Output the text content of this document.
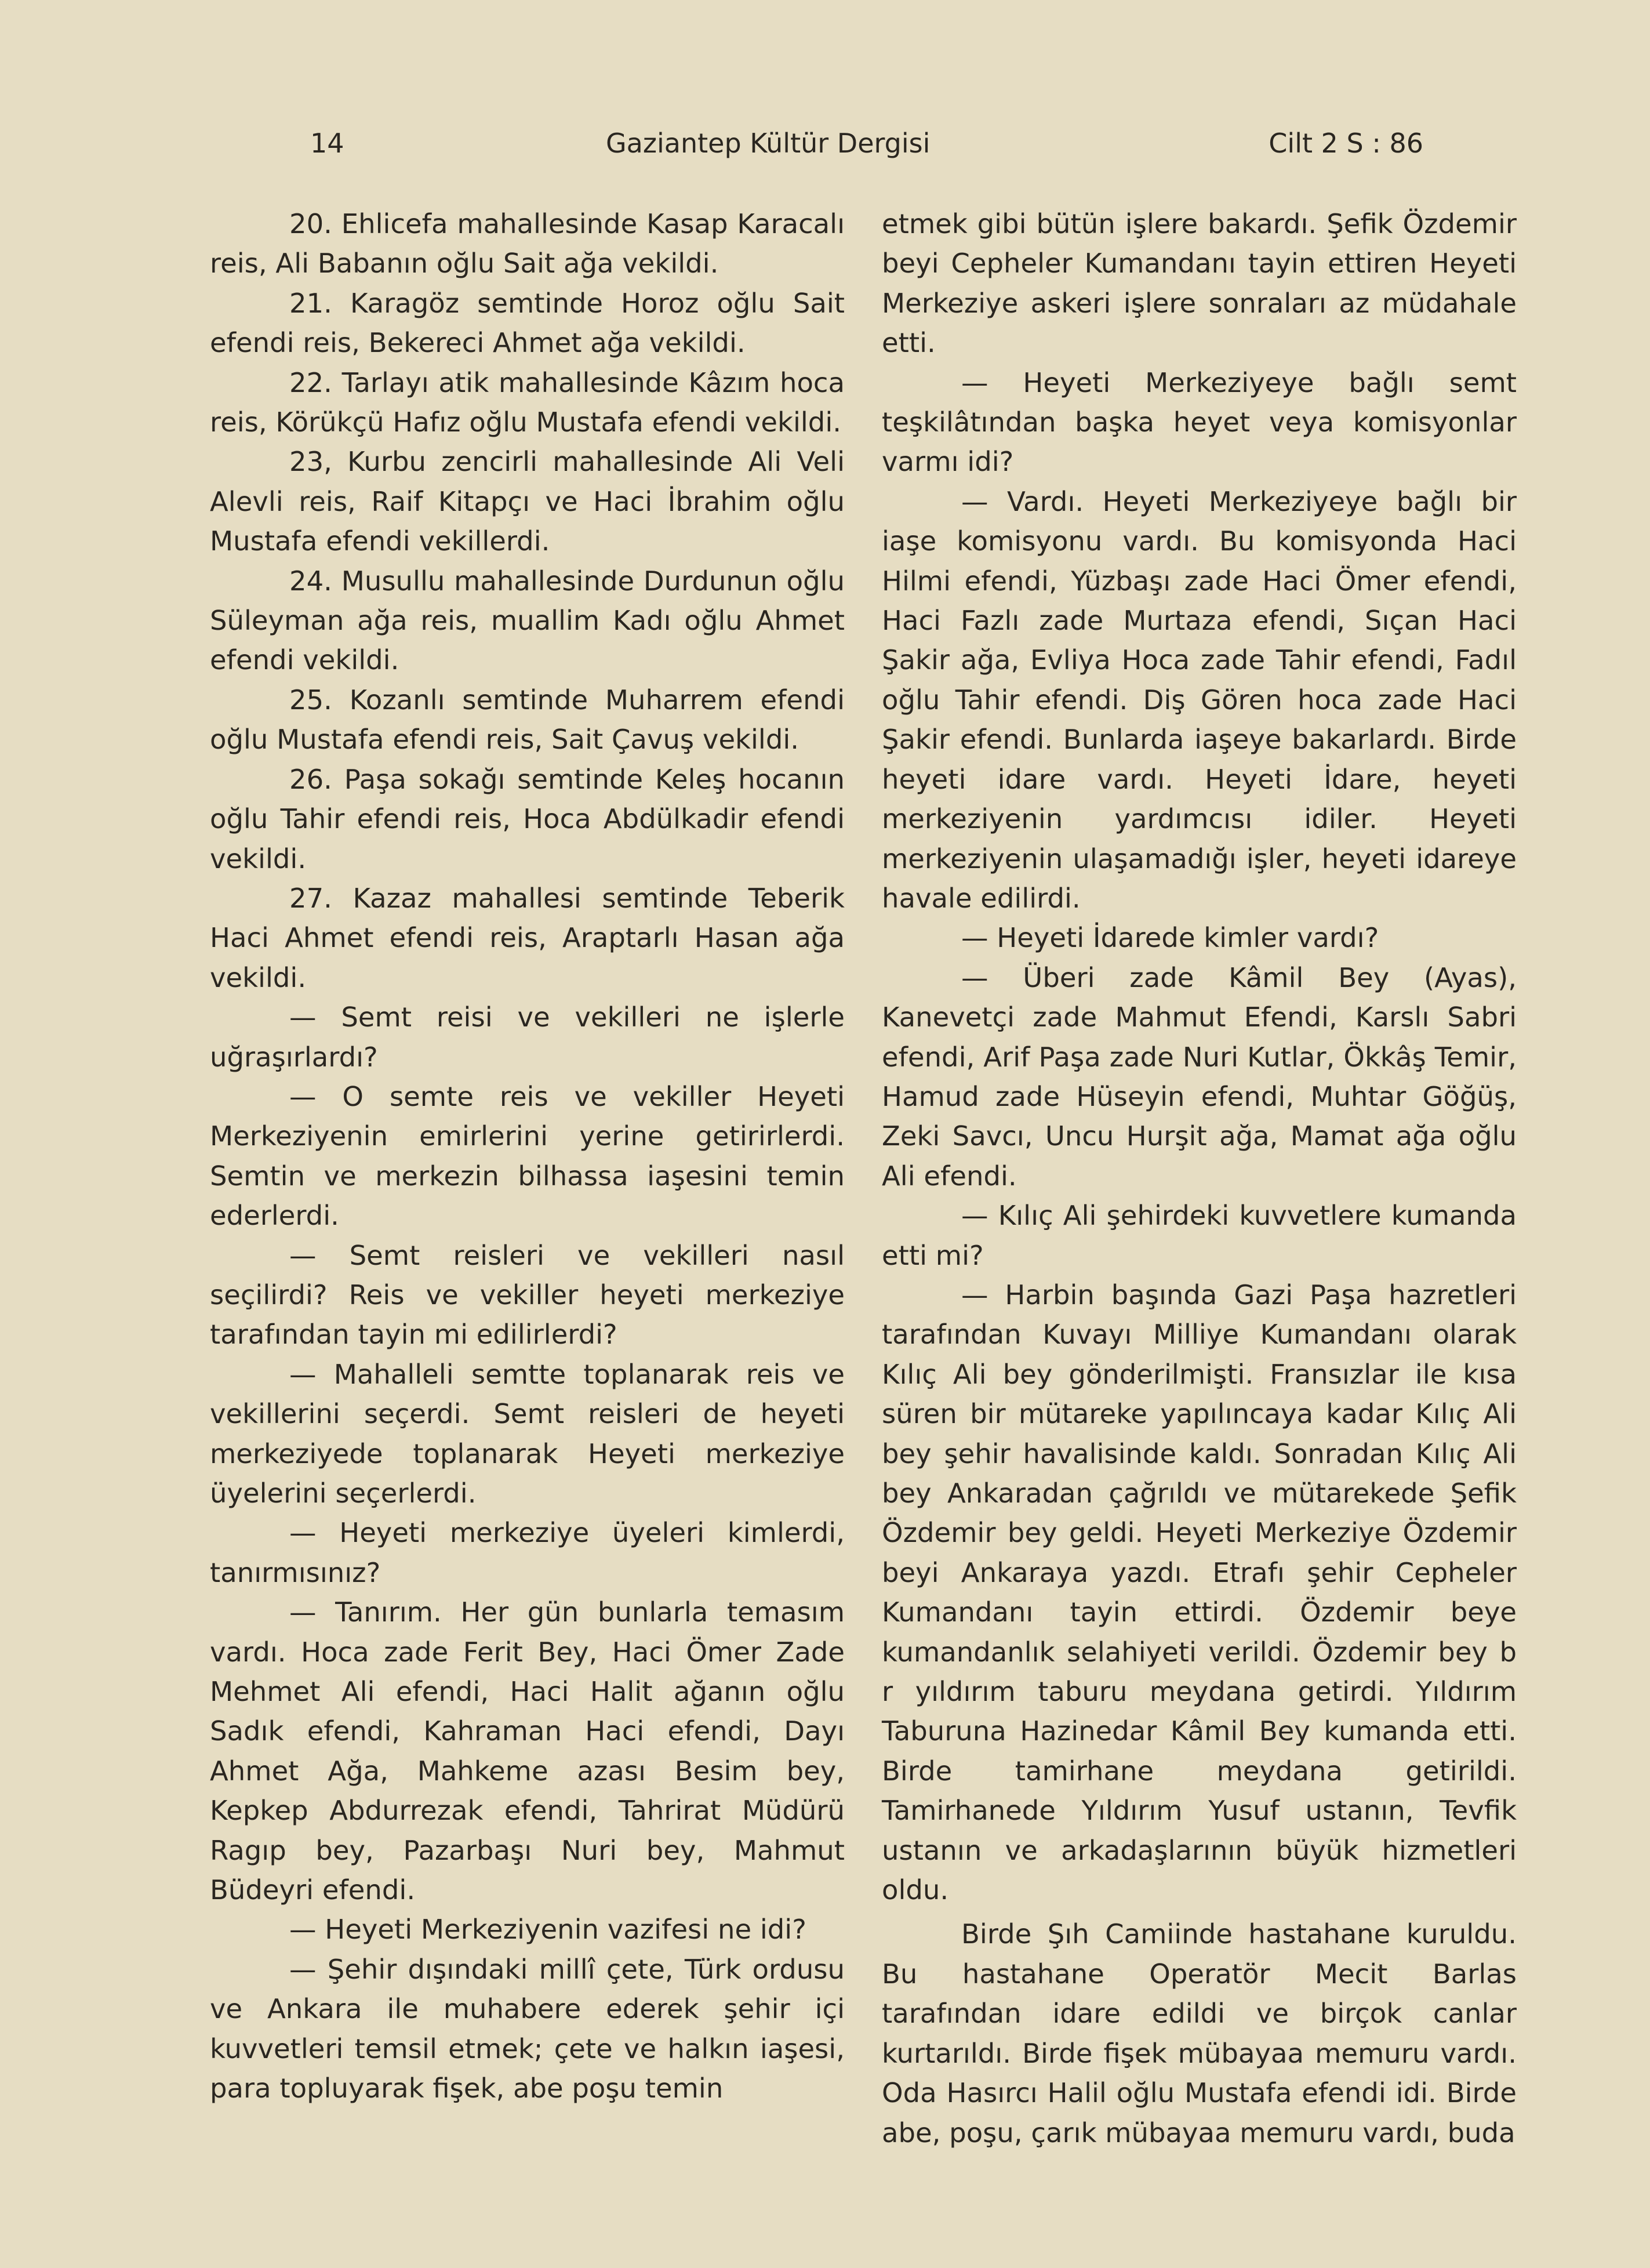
14	Gaziantep Kültür Dergisi	Cilt 2 S : 86

20. Ehlicefa mahallesinde Kasap Karacalı reis, Ali Babanın oğlu Sait ağa vekildi.

21. Karagöz semtinde Horoz oğlu Sait efendi reis, Bekereci Ahmet ağa vekildi.

22. Tarlayı atik mahallesinde Kâzım hoca reis, Körükçü Hafız oğlu Mustafa efendi vekildi.

23, Kurbu zencirli mahallesinde Ali Veli Alevli reis, Raif Kitapçı ve Haci İbrahim oğlu Mustafa efendi vekillerdi.

24. Musullu mahallesinde Durdunun oğlu Süleyman ağa reis, muallim Kadı oğlu Ahmet efendi vekildi.

25. Kozanlı semtinde Muharrem efendi oğlu Mustafa efendi reis, Sait Çavuş vekildi.

26. Paşa sokağı semtinde Keleş hocanın oğlu Tahir efendi reis, Hoca Abdülkadir efendi vekildi.

27. Kazaz mahallesi semtinde Teberik Haci Ahmet efendi reis, Araptarlı Hasan ağa vekildi.

— Semt reisi ve vekilleri ne işlerle uğraşırlardı?

— O semte reis ve vekiller Heyeti Merkeziyenin emirlerini yerine getirirlerdi. Semtin ve merkezin bilhassa iaşesini temin ederlerdi.

— Semt reisleri ve vekilleri nasıl seçilirdi? Reis ve vekiller heyeti merkeziye tarafından tayin mi edilirlerdi?

— Mahalleli semtte toplanarak reis ve vekillerini seçerdi. Semt reisleri de heyeti merkeziyede toplanarak Heyeti merkeziye üyelerini seçerlerdi.

— Heyeti merkeziye üyeleri kimlerdi, tanırmısınız?

— Tanırım. Her gün bunlarla temasım vardı. Hoca zade Ferit Bey, Haci Ömer Zade Mehmet Ali efendi, Haci Halit ağanın oğlu Sadık efendi, Kahraman Haci efendi, Dayı Ahmet Ağa, Mahkeme azası Besim bey, Kepkep Abdurrezak efendi, Tahrirat Müdürü Ragıp bey, Pazarbaşı Nuri bey, Mahmut Büdeyri efendi.

— Heyeti Merkeziyenin vazifesi ne idi?

— Şehir dışındaki millî çete, Türk ordusu ve Ankara ile muhabere ederek şehir içi kuvvetleri temsil etmek; çete ve halkın iaşesi, para topluyarak fişek, abe poşu temin

etmek gibi bütün işlere bakardı. Şefik Özdemir beyi Cepheler Kumandanı tayin ettiren Heyeti Merkeziye askeri işlere sonraları az müdahale etti.

— Heyeti Merkeziyeye bağlı semt teşkilâtından başka heyet veya komisyonlar varmı idi?

— Vardı. Heyeti Merkeziyeye bağlı bir iaşe komisyonu vardı. Bu komisyonda Haci Hilmi efendi, Yüzbaşı zade Haci Ömer efendi, Haci Fazlı zade Murtaza efendi, Sıçan Haci Şakir ağa, Evliya Hoca zade Tahir efendi, Fadıl oğlu Tahir efendi. Diş Gören hoca zade Haci Şakir efendi. Bunlarda iaşeye bakarlardı. Birde heyeti idare vardı. Heyeti İdare, heyeti merkeziyenin yardımcısı idiler. Heyeti merkeziyenin ulaşamadığı işler, heyeti idareye havale edilirdi.

— Heyeti İdarede kimler vardı?

— Überi zade Kâmil Bey (Ayas), Kanevetçi zade Mahmut Efendi, Karslı Sabri efendi, Arif Paşa zade Nuri Kutlar, Ökkâş Temir, Hamud zade Hüseyin efendi, Muhtar Göğüş, Zeki Savcı, Uncu Hurşit ağa, Mamat ağa oğlu Ali efendi.

— Kılıç Ali şehirdeki kuvvetlere kumanda etti mi?

— Harbin başında Gazi Paşa hazretleri tarafından Kuvayı Milliye Kumandanı olarak Kılıç Ali bey gönderilmişti. Fransızlar ile kısa süren bir mütareke yapılıncaya kadar Kılıç Ali bey şehir havalisinde kaldı. Sonradan Kılıç Ali bey Ankaradan çağrıldı ve mütarekede Şefik Özdemir bey geldi. Heyeti Merkeziye Özdemir beyi Ankaraya yazdı. Etrafı şehir Cepheler Kumandanı tayin ettirdi. Özdemir beye kumandanlık selahiyeti verildi. Özdemir bey b r yıldırım taburu meydana getirdi. Yıldırım Taburuna Hazinedar Kâmil Bey kumanda etti. Birde tamirhane meydana getirildi. Tamirhanede Yıldırım Yusuf ustanın, Tevfik ustanın ve arkadaşlarının büyük hizmetleri oldu.

Birde Şıh Camiinde hastahane kuruldu. Bu hastahane Operatör Mecit Barlas tarafından idare edildi ve birçok canlar kurtarıldı. Birde fişek mübayaa memuru vardı. Oda Hasırcı Halil oğlu Mustafa efendi idi. Birde abe, poşu, çarık mübayaa memuru vardı, buda
